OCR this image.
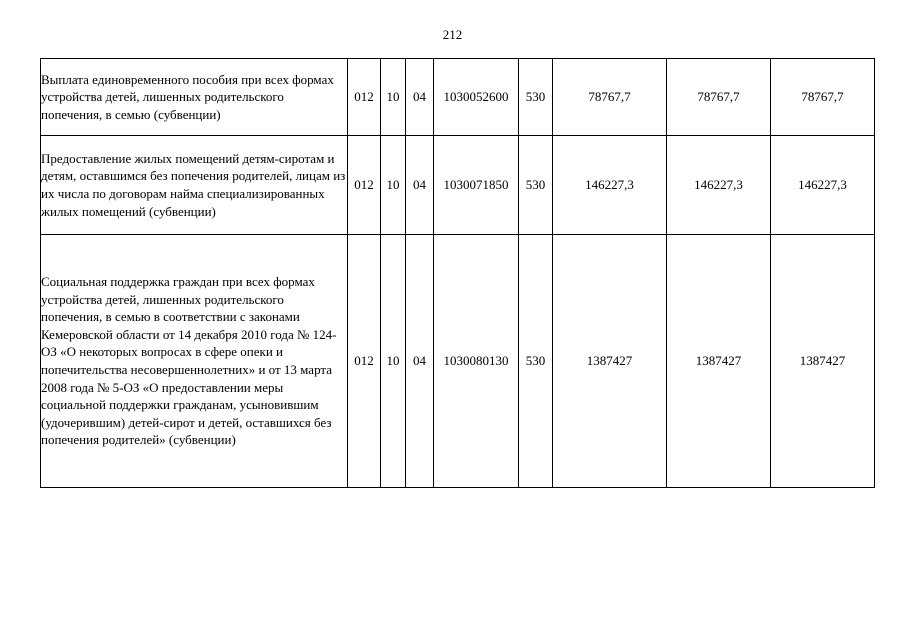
212
Выплата единовременного пособия при всех формах устройства детей, лишенных родительского попечения, в семью (субвенции)	012	10	04	1030052600	530	78767,7	78767,7	78767,7
Предоставление жилых помещений детям-сиротам и детям, оставшимся без попечения родителей, лицам из их числа по договорам найма специализированных жилых помещений (субвенции)	012	10	04	1030071850	530	146227,3	146227,3	146227,3
Социальная поддержка граждан при всех формах устройства детей, лишенных родительского попечения, в семью в соответствии с законами Кемеровской области от 14 декабря 2010 года № 124-ОЗ «О некоторых вопросах в сфере опеки и попечительства несовершеннолетних» и от 13 марта 2008 года № 5-ОЗ «О предоставлении меры социальной поддержки гражданам, усыновившим (удочерившим) детей-сирот и детей, оставшихся без попечения родителей» (субвенции)	012	10	04	1030080130	530	1387427	1387427	1387427
